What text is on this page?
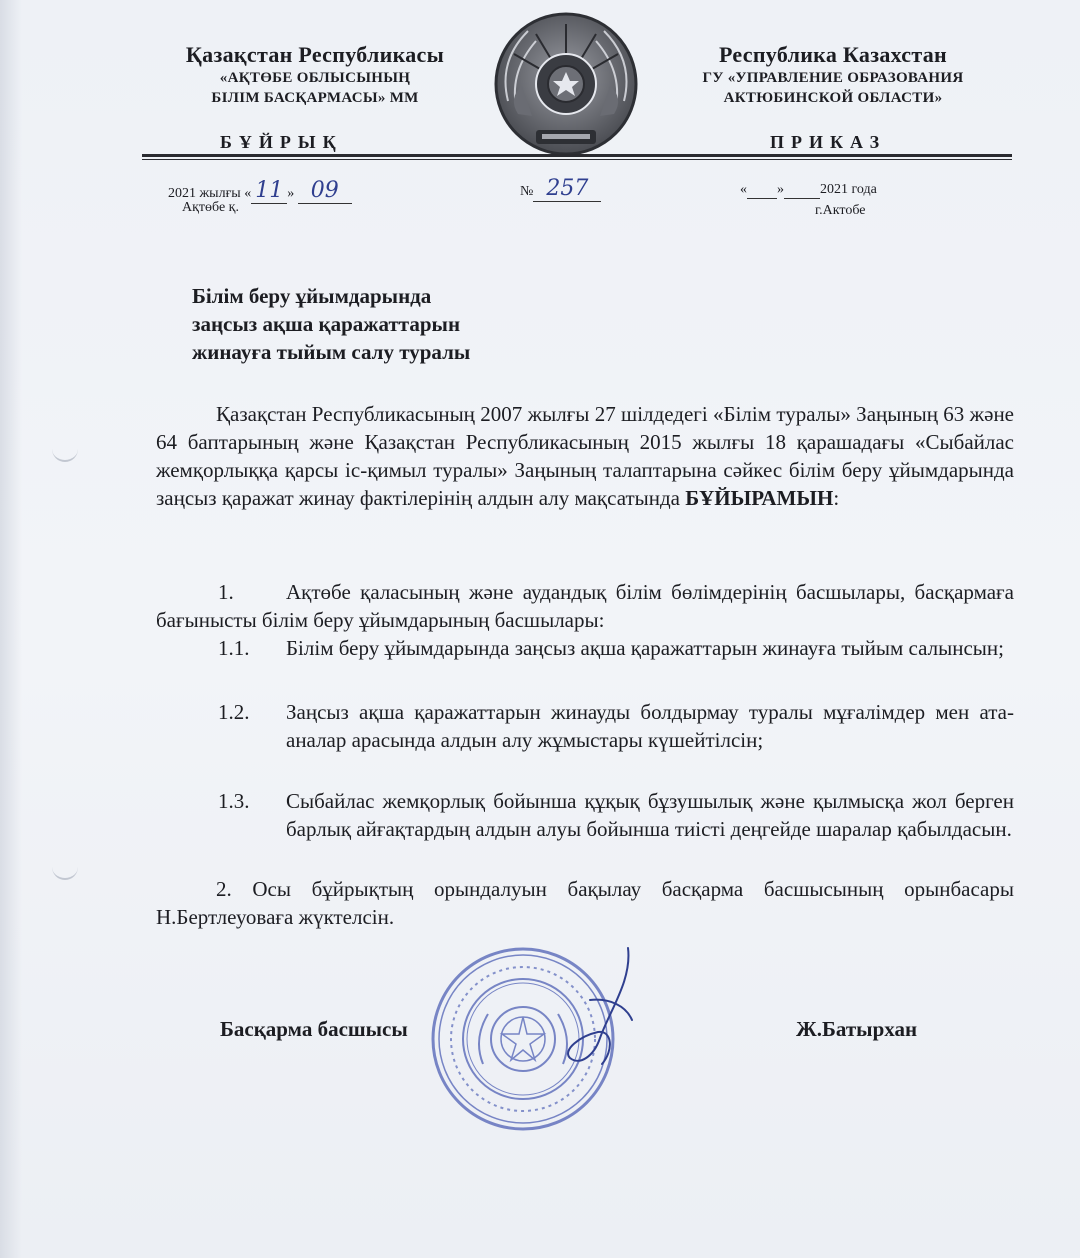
Қазақстан Республикасы
«АҚТӨБЕ ОБЛЫСЫНЫҢ
БІЛІМ БАСҚАРМАСЫ» ММ
БҰЙРЫҚ
Республика Казахстан
ГУ «УПРАВЛЕНИЕ ОБРАЗОВАНИЯ
АКТЮБИНСКОЙ ОБЛАСТИ»
ПРИКАЗ
2021 жылғы « 11 » 09
Ақтөбе қ.
№ 257	« »	2021 года
г.Актобе
Білім беру ұйымдарында
заңсыз ақша қаражаттарын
жинауға тыйым салу туралы
Қазақстан Республикасының 2007 жылғы 27 шілдедегі «Білім туралы» Заңының 63 және 64 баптарының және Қазақстан Республикасының 2015 жылғы 18 қарашадағы «Сыбайлас жемқорлыққа қарсы іс-қимыл туралы» Заңының талаптарына сәйкес білім беру ұйымдарында заңсыз қаражат жинау фактілерінің алдын алу мақсатында БҰЙЫРАМЫН:
1. Ақтөбе қаласының және аудандық білім бөлімдерінің басшылары, басқармаға бағынысты білім беру ұйымдарының басшылары:
1.1. Білім беру ұйымдарында заңсыз ақша қаражаттарын жинауға тыйым салынсын;
1.2. Заңсыз ақша қаражаттарын жинауды болдырмау туралы мұғалімдер мен ата-аналар арасында алдын алу жұмыстары күшейтілсін;
1.3. Сыбайлас жемқорлық бойынша құқық бұзушылық және қылмысқа жол берген барлық айғақтардың алдын алуы бойынша тиісті деңгейде шаралар қабылдасын.
2. Осы бұйрықтың орындалуын бақылау басқарма басшысының орынбасары Н.Бертлеуоваға жүктелсін.
Басқарма басшысы	Ж.Батырхан
